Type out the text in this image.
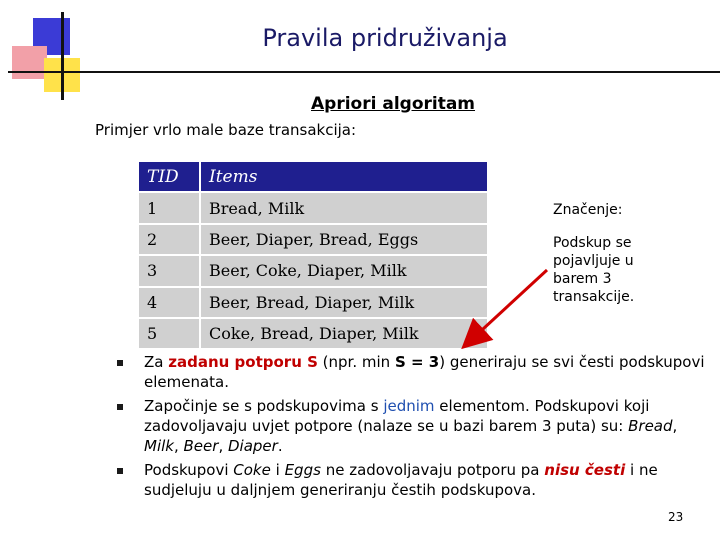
Pravila pridruživanja
Apriori algoritam
Primjer vrlo male baze transakcija:
TID	Items
1	Bread, Milk
2	Beer, Diaper, Bread, Eggs
3	Beer, Coke, Diaper, Milk
4	Beer, Bread, Diaper, Milk
5	Coke, Bread, Diaper, Milk
Značenje:
Podskup se pojavljuje u barem 3 transakcije.
Za zadanu potporu S (npr. min S = 3) generiraju se svi česti podskupovi elemenata.
Započinje se s podskupovima s jednim elementom. Podskupovi koji zadovoljavaju uvjet potpore (nalaze se u bazi barem 3 puta) su: Bread, Milk, Beer, Diaper.
Podskupovi Coke i Eggs ne zadovoljavaju potporu pa nisu česti i ne sudjeluju u daljnjem generiranju čestih podskupova.
23
